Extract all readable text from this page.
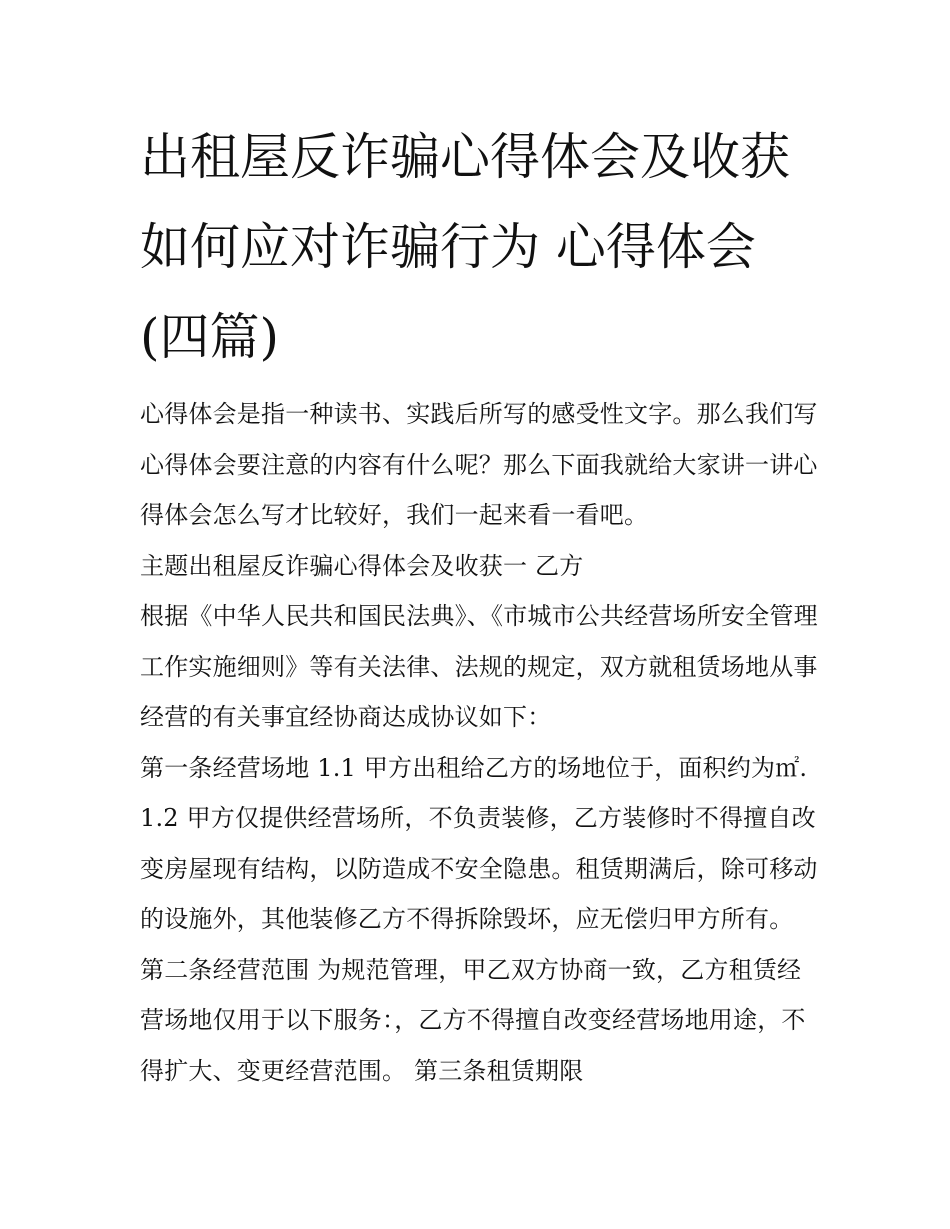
出租屋反诈骗心得体会及收获
如何应对诈骗行为 心得体会
(四篇)

心得体会是指一种读书、实践后所写的感受性文字。那么我们写心得体会要注意的内容有什么呢？那么下面我就给大家讲一讲心得体会怎么写才比较好，我们一起来看一看吧。

主题出租屋反诈骗心得体会及收获一 乙方

根据《中华人民共和国民法典》、《市城市公共经营场所安全管理工作实施细则》等有关法律、法规的规定，双方就租赁场地从事经营的有关事宜经协商达成协议如下：

第一条经营场地 1.1 甲方出租给乙方的场地位于，面积约为㎡. 1.2 甲方仅提供经营场所，不负责装修，乙方装修时不得擅自改变房屋现有结构，以防造成不安全隐患。租赁期满后，除可移动的设施外，其他装修乙方不得拆除毁坏，应无偿归甲方所有。

第二条经营范围 为规范管理，甲乙双方协商一致，乙方租赁经营场地仅用于以下服务：，乙方不得擅自改变经营场地用途，不得扩大、变更经营范围。 第三条租赁期限
